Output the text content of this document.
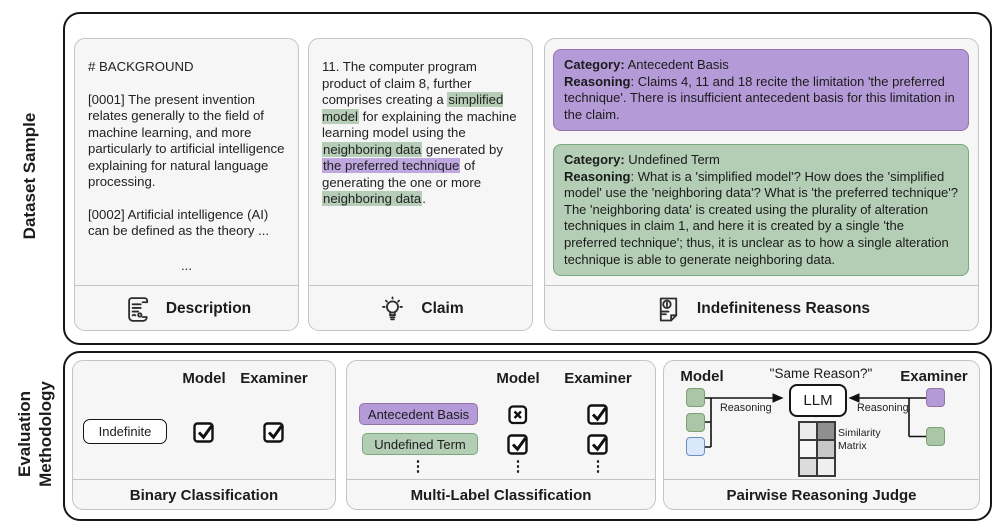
Dataset Sample
# BACKGROUND

[0001] The present invention relates generally to the field of machine learning, and more particularly to artificial intelligence explaining for natural language processing.

[0002] Artificial intelligence (AI) can be defined as the theory ...

...
Description
11. The computer program product of claim 8, further comprises creating a simplified model for explaining the machine learning model using the neighboring data generated by the preferred technique of generating the one or more neighboring data.
Claim
Category: Antecedent Basis
Reasoning: Claims 4, 11 and 18 recite the limitation 'the preferred technique'. There is insufficient antecedent basis for this limitation in the claim.
Category: Undefined Term
Reasoning: What is a 'simplified model'? How does the 'simplified model' use the 'neighboring data'? What is 'the preferred technique'? The 'neighboring data' is created using the plurality of alteration techniques in claim 1, and here it is created by a single 'the preferred technique'; thus, it is unclear as to how a single alteration technique is able to generate neighboring data.
Indefiniteness Reasons
Evaluation Methodology
Model Examiner
Indefinite
Binary Classification
Model	Examiner
Antecedent Basis
Undefined Term
⋮	⋮	⋮
Multi-Label Classification
Model	"Same Reason?" Examiner
LLM
Reasoning	Reasoning
Similarity
Matrix
Pairwise Reasoning Judge
